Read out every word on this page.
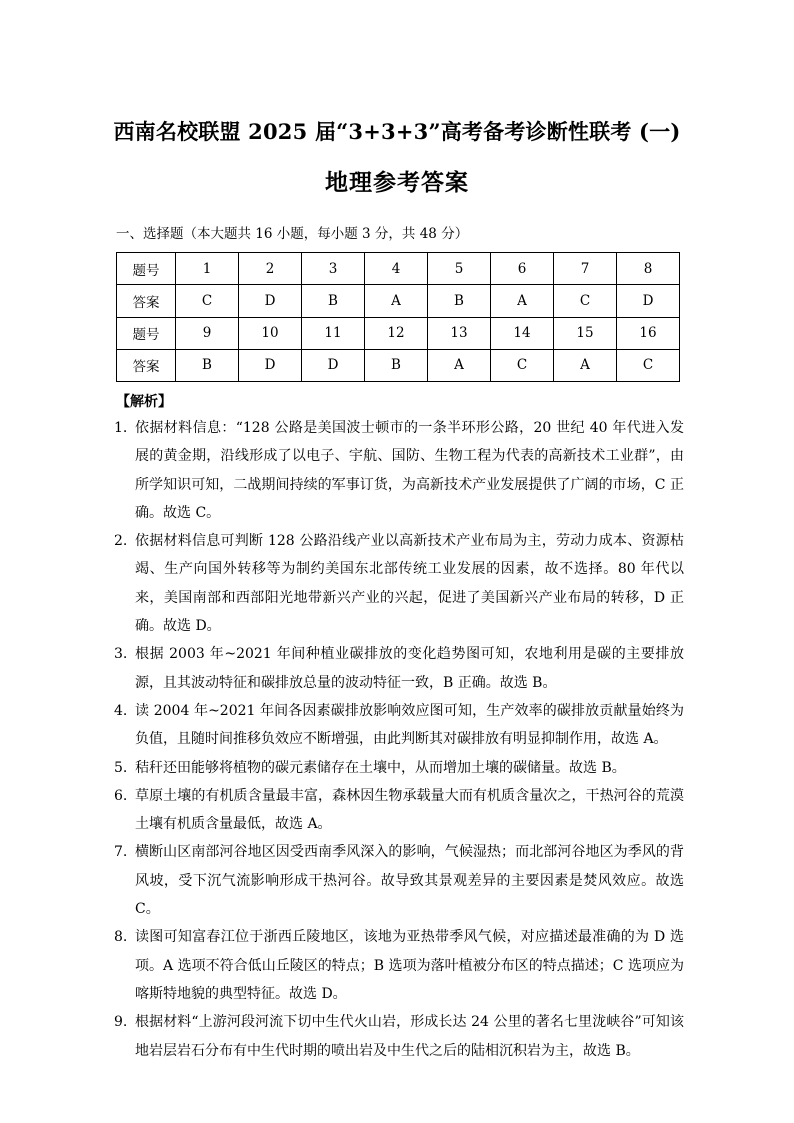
西南名校联盟 2025 届“3+3+3”高考备考诊断性联考 (一)
地理参考答案

一、选择题（本大题共 16 小题，每小题 3 分，共 48 分）

题号	1	2	3	4	5	6	7	8
答案	C	D	B	A	B	A	C	D
题号	9	10	11	12	13	14	15	16
答案	B	D	D	B	A	C	A	C

【解析】

1. 依据材料信息：“128 公路是美国波士顿市的一条半环形公路，20 世纪 40 年代进入发展的黄金期，沿线形成了以电子、宇航、国防、生物工程为代表的高新技术工业群”，由所学知识可知，二战期间持续的军事订货，为高新技术产业发展提供了广阔的市场，C 正确。故选 C。
2. 依据材料信息可判断 128 公路沿线产业以高新技术产业布局为主，劳动力成本、资源枯竭、生产向国外转移等为制约美国东北部传统工业发展的因素，故不选择。80 年代以来，美国南部和西部阳光地带新兴产业的兴起，促进了美国新兴产业布局的转移，D 正确。故选 D。
3. 根据 2003 年~2021 年间种植业碳排放的变化趋势图可知，农地利用是碳的主要排放源，且其波动特征和碳排放总量的波动特征一致，B 正确。故选 B。
4. 读 2004 年~2021 年间各因素碳排放影响效应图可知，生产效率的碳排放贡献量始终为负值，且随时间推移负效应不断增强，由此判断其对碳排放有明显抑制作用，故选 A。
5. 秸秆还田能够将植物的碳元素储存在土壤中，从而增加土壤的碳储量。故选 B。
6. 草原土壤的有机质含量最丰富，森林因生物承载量大而有机质含量次之，干热河谷的荒漠土壤有机质含量最低，故选 A。
7. 横断山区南部河谷地区因受西南季风深入的影响，气候湿热；而北部河谷地区为季风的背风坡，受下沉气流影响形成干热河谷。故导致其景观差异的主要因素是焚风效应。故选 C。
8. 读图可知富春江位于浙西丘陵地区，该地为亚热带季风气候，对应描述最准确的为 D 选项。A 选项不符合低山丘陵区的特点；B 选项为落叶植被分布区的特点描述；C 选项应为喀斯特地貌的典型特征。故选 D。
9. 根据材料“上游河段河流下切中生代火山岩，形成长达 24 公里的著名七里泷峡谷”可知该地岩层岩石分布有中生代时期的喷出岩及中生代之后的陆相沉积岩为主，故选 B。
